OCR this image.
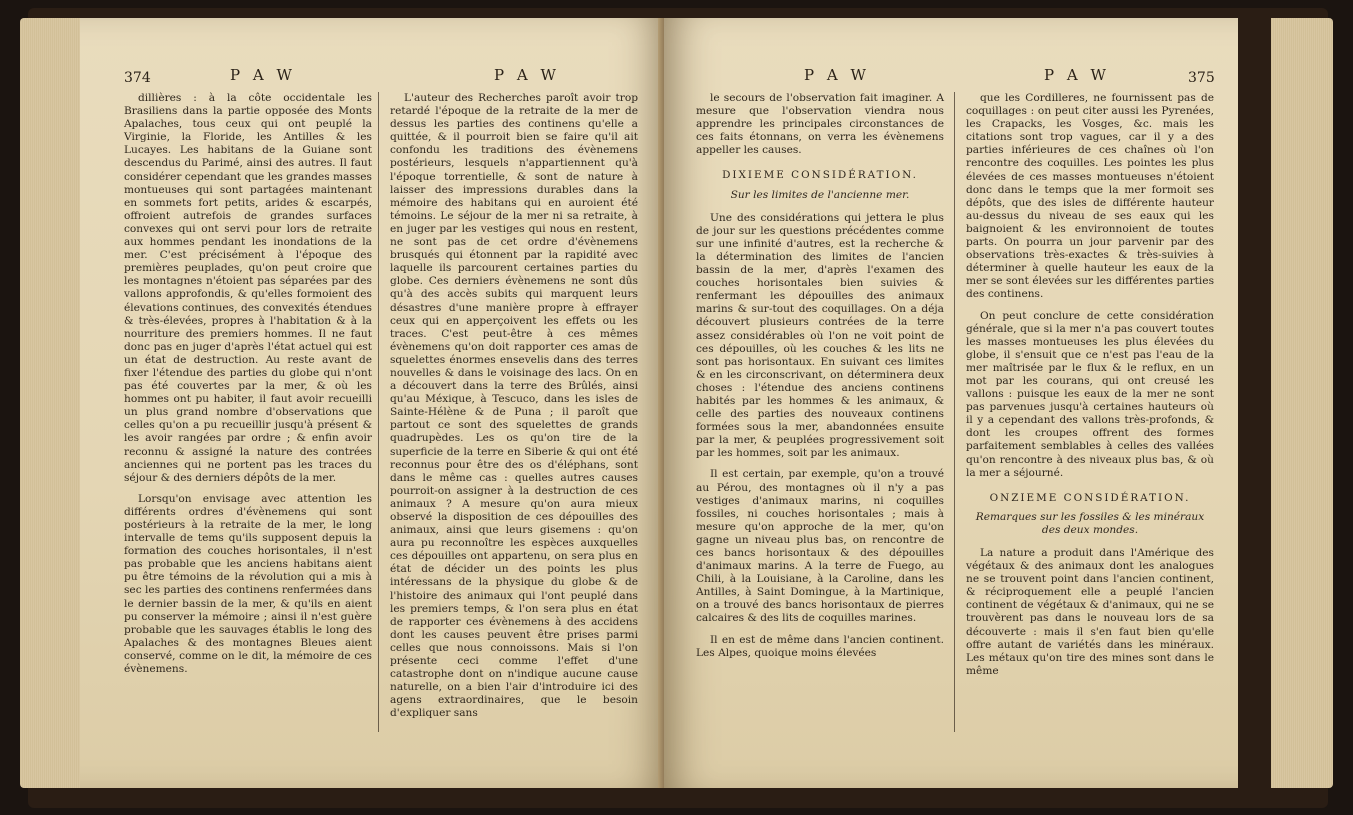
374	P A W	P A W

dillières : à la côte occidentale les Brasiliens dans la partie opposée des Monts Apalaches, tous ceux qui ont peuplé la Virginie, la Floride, les Antilles & les Lucayes. Les habitans de la Guiane sont descendus du Parimé, ainsi des autres. Il faut considérer cependant que les grandes masses montueuses qui sont partagées maintenant en sommets fort petits, arides & escarpés, offroient autrefois de grandes surfaces convexes qui ont servi pour lors de retraite aux hommes pendant les inondations de la mer. C'est précisément à l'époque des premières peuplades, qu'on peut croire que les montagnes n'étoient pas séparées par des vallons approfondis, & qu'elles formoient des élevations continues, des convexités étendues & très-élevées, propres à l'habitation & à la nourriture des premiers hommes. Il ne faut donc pas en juger d'après l'état actuel qui est un état de destruction. Au reste avant de fixer l'étendue des parties du globe qui n'ont pas été couvertes par la mer, & où les hommes ont pu habiter, il faut avoir recueilli un plus grand nombre d'observations que celles qu'on a pu recueillir jusqu'à présent & les avoir rangées par ordre ; & enfin avoir reconnu & assigné la nature des contrées anciennes qui ne portent pas les traces du séjour & des derniers dépôts de la mer.

Lorsqu'on envisage avec attention les différents ordres d'évènemens qui sont postérieurs à la retraite de la mer, le long intervalle de tems qu'ils supposent depuis la formation des couches horisontales, il n'est pas probable que les anciens habitans aient pu être témoins de la révolution qui a mis à sec les parties des continens renfermées dans le dernier bassin de la mer, & qu'ils en aient pu conserver la mémoire ; ainsi il n'est guère probable que les sauvages établis le long des Apalaches & des montagnes Bleues aient conservé, comme on le dit, la mémoire de ces évènemens.

L'auteur des Recherches paroît avoir trop retardé l'époque de la retraite de la mer de dessus les parties des continens qu'elle a quittée, & il pourroit bien se faire qu'il ait confondu les traditions des évènemens postérieurs, lesquels n'appartiennent qu'à l'époque torrentielle, & sont de nature à laisser des impressions durables dans la mémoire des habitans qui en auroient été témoins. Le séjour de la mer ni sa retraite, à en juger par les vestiges qui nous en restent, ne sont pas de cet ordre d'évènemens brusqués qui étonnent par la rapidité avec laquelle ils parcourent certaines parties du globe. Ces derniers évènemens ne sont dûs qu'à des accès subits qui marquent leurs désastres d'une manière propre à effrayer ceux qui en apperçoivent les effets ou les traces. C'est peut-être à ces mêmes évènemens qu'on doit rapporter ces amas de squelettes énormes ensevelis dans des terres nouvelles & dans le voisinage des lacs. On en a découvert dans la terre des Brûlés, ainsi qu'au Méxique, à Tescuco, dans les isles de Sainte-Hélène & de Puna ; il paroît que partout ce sont des squelettes de grands quadrupèdes. Les os qu'on tire de la superficie de la terre en Siberie & qui ont été reconnus pour être des os d'éléphans, sont dans le même cas : quelles autres causes pourroit-on assigner à la destruction de ces animaux ? A mesure qu'on aura mieux observé la disposition de ces dépouilles des animaux, ainsi que leurs gisemens : qu'on aura pu reconnoître les espèces auxquelles ces dépouilles ont appartenu, on sera plus en état de décider un des points les plus intéressans de la physique du globe & de l'histoire des animaux qui l'ont peuplé dans les premiers temps, & l'on sera plus en état de rapporter ces évènemens à des accidens dont les causes peuvent être prises parmi celles que nous connoissons. Mais si l'on présente ceci comme l'effet d'une catastrophe dont on n'indique aucune cause naturelle, on a bien l'air d'introduire ici des agens extraordinaires, que le besoin d'expliquer sans

P A W	P A W	375

le secours de l'observation fait imaginer. A mesure que l'observation viendra nous apprendre les principales circonstances de ces faits étonnans, on verra les évènemens appeller les causes.

DIXIEME CONSIDÉRATION.

Sur les limites de l'ancienne mer.

Une des considérations qui jettera le plus de jour sur les questions précédentes comme sur une infinité d'autres, est la recherche & la détermination des limites de l'ancien bassin de la mer, d'après l'examen des couches horisontales bien suivies & renfermant les dépouilles des animaux marins & sur-tout des coquillages. On a déja découvert plusieurs contrées de la terre assez considérables où l'on ne voit point de ces dépouilles, où les couches & les lits ne sont pas horisontaux. En suivant ces limites & en les circonscrivant, on déterminera deux choses : l'étendue des anciens continens habités par les hommes & les animaux, & celle des parties des nouveaux continens formées sous la mer, abandonnées ensuite par la mer, & peuplées progressivement soit par les hommes, soit par les animaux.

Il est certain, par exemple, qu'on a trouvé au Pérou, des montagnes où il n'y a pas vestiges d'animaux marins, ni coquilles fossiles, ni couches horisontales ; mais à mesure qu'on approche de la mer, qu'on gagne un niveau plus bas, on rencontre de ces bancs horisontaux & des dépouilles d'animaux marins. A la terre de Fuego, au Chili, à la Louisiane, à la Caroline, dans les Antilles, à Saint Domingue, à la Martinique, on a trouvé des bancs horisontaux de pierres calcaires & des lits de coquilles marines.

Il en est de même dans l'ancien continent. Les Alpes, quoique moins élevées

que les Cordilleres, ne fournissent pas de coquillages : on peut citer aussi les Pyrenées, les Crapacks, les Vosges, &c. mais les citations sont trop vagues, car il y a des parties inférieures de ces chaînes où l'on rencontre des coquilles. Les pointes les plus élevées de ces masses montueuses n'étoient donc dans le temps que la mer formoit ses dépôts, que des isles de différente hauteur au-dessus du niveau de ses eaux qui les baignoient & les environnoient de toutes parts. On pourra un jour parvenir par des observations très-exactes & très-suivies à déterminer à quelle hauteur les eaux de la mer se sont élevées sur les différentes parties des continens.

On peut conclure de cette considération générale, que si la mer n'a pas couvert toutes les masses montueuses les plus élevées du globe, il s'ensuit que ce n'est pas l'eau de la mer maîtrisée par le flux & le reflux, en un mot par les courans, qui ont creusé les vallons : puisque les eaux de la mer ne sont pas parvenues jusqu'à certaines hauteurs où il y a cependant des vallons très-profonds, & dont les croupes offrent des formes parfaitement semblables à celles des vallées qu'on rencontre à des niveaux plus bas, & où la mer a séjourné.

ONZIEME CONSIDÉRATION.

Remarques sur les fossiles & les minéraux des deux mondes.

La nature a produit dans l'Amérique des végétaux & des animaux dont les analogues ne se trouvent point dans l'ancien continent, & réciproquement elle a peuplé l'ancien continent de végétaux & d'animaux, qui ne se trouvèrent pas dans le nouveau lors de sa découverte : mais il s'en faut bien qu'elle offre autant de variétés dans les minéraux. Les métaux qu'on tire des mines sont dans le même
